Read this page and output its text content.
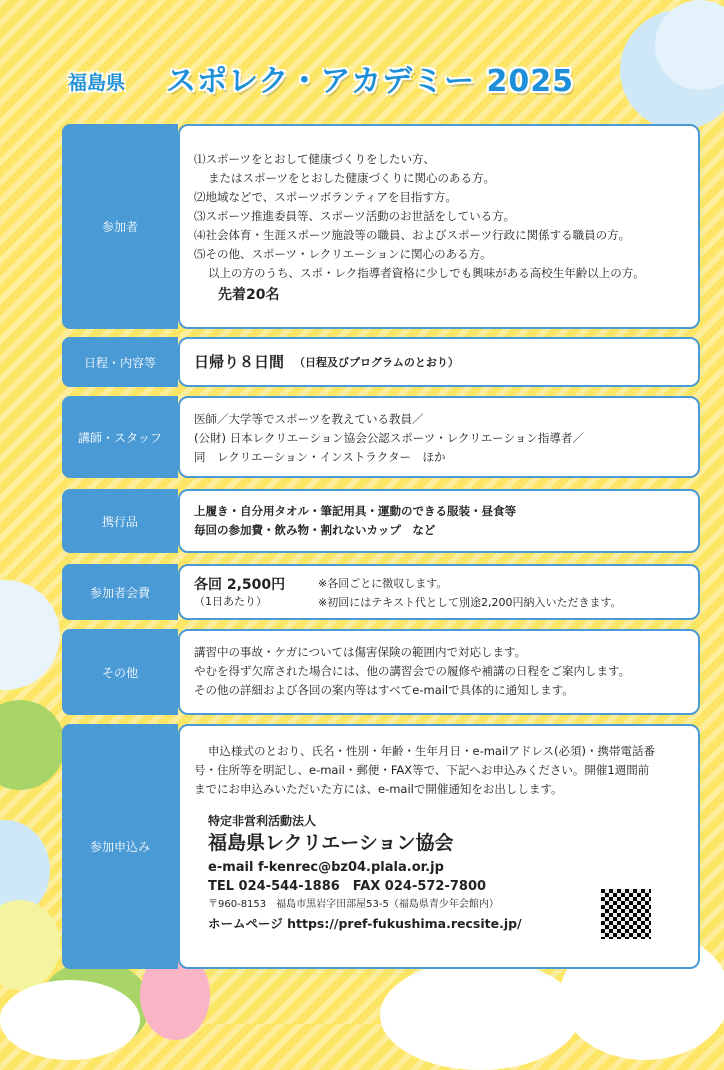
福島県 スポレク・アカデミー 2025
参加者
⑴スポーツをとおして健康づくりをしたい方、
またはスポーツをとおした健康づくりに関心のある方。
⑵地域などで、スポーツボランティアを目指す方。
⑶スポーツ推進委員等、スポーツ活動のお世話をしている方。
⑷社会体育・生涯スポーツ施設等の職員、およびスポーツ行政に関係する職員の方。
⑸その他、スポーツ・レクリエーションに関心のある方。
以上の方のうち、スポ・レク指導者資格に少しでも興味がある高校生年齢以上の方。
先着20名
日程・内容等	日帰り８日間 （日程及びプログラムのとおり）
講師・スタッフ
医師／大学等でスポーツを教えている教員／
(公財) 日本レクリエーション協会公認スポーツ・レクリエーション指導者／
同　レクリエーション・インストラクター　ほか
携行品
上履き・自分用タオル・筆記用具・運動のできる服装・昼食等
毎回の参加費・飲み物・割れないカップ　など
参加者会費	各回 2,500円
（1日あたり）
※各回ごとに徴収します。
※初回にはテキスト代として別途2,200円納入いただきます。
その他
講習中の事故・ケガについては傷害保険の範囲内で対応します。
やむを得ず欠席された場合には、他の講習会での履修や補講の日程をご案内します。
その他の詳細および各回の案内等はすべてe-mailで具体的に通知します。
参加申込み
申込様式のとおり、氏名・性別・年齢・生年月日・e-mailアドレス(必須)・携帯電話番
号・住所等を明記し、e-mail・郵便・FAX等で、下記へお申込みください。開催1週間前
までにお申込みいただいた方には、e-mailで開催通知をお出しします。
特定非営利活動法人
福島県レクリエーション協会
e-mail f-kenrec@bz04.plala.or.jp
TEL 024-544-1886　FAX 024-572-7800
〒960-8153　福島市黒岩字田部屋53-5（福島県青少年会館内）
ホームページ https://pref-fukushima.recsite.jp/
